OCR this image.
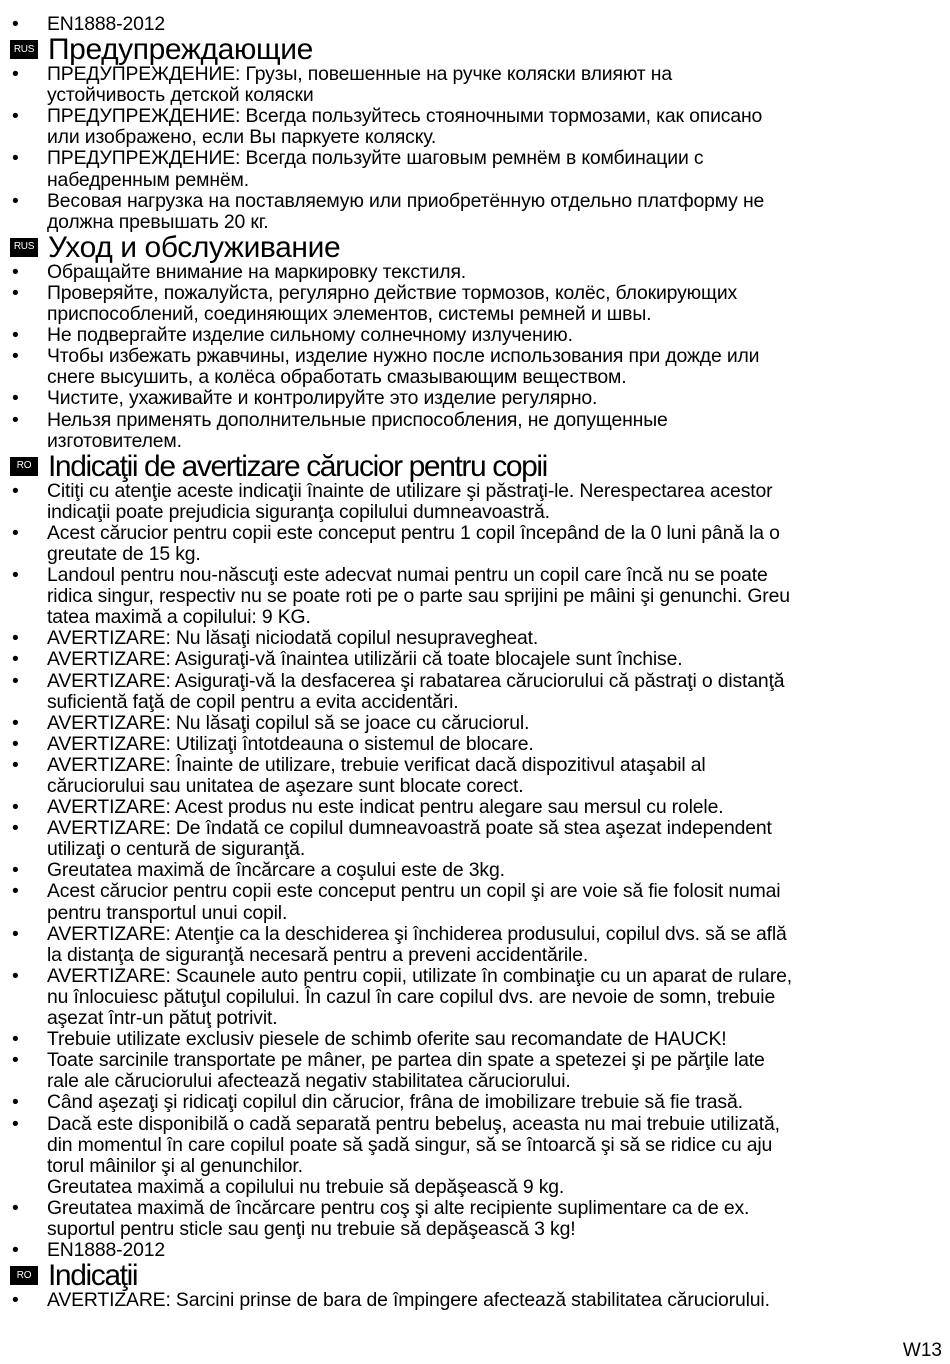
• EN1888-2012
RUS Предупреждающие
• ПРЕДУПРЕЖДЕНИЕ: Грузы, повешенные на ручке коляски влияют на
устойчивость детской коляски
• ПРЕДУПРЕЖДЕНИЕ: Всегда пользуйтесь стояночными тормозами, как описано
или изображено, если Вы паркуете коляску.
• ПРЕДУПРЕЖДЕНИЕ: Всегда пользуйте шаговым ремнём в комбинации с
набедренным ремнём.
• Весовая нагрузка на поставляемую или приобретённую отдельно платформу не
должна превышать 20 кг.
RUS Уход и обслуживание
• Обращайте внимание на маркировку текстиля.
• Проверяйте, пожалуйста, регулярно действие тормозов, колёс, блокирующих
приспособлений, соединяющих элементов, системы ремней и швы.
• Не подвергайте изделие сильному солнечному излучению.
• Чтобы избежать ржавчины, изделие нужно после использования при дожде или
снеге высушить, а колёса обработать смазывающим веществом.
• Чистите, ухаживайте и контролируйте это изделие регулярно.
• Нельзя применять дополнительные приспособления, не допущенные
изготовителем.
RO Indicaţii de avertizare cărucior pentru copii
• Citiţi cu atenţie aceste indicaţii înainte de utilizare şi păstraţi-le. Nerespectarea acestor
indicaţii poate prejudicia siguranţa copilului dumneavoastră.
• Acest cărucior pentru copii este conceput pentru 1 copil începând de la 0 luni până la o
greutate de 15 kg.
• Landoul pentru nou-născuţi este adecvat numai pentru un copil care încă nu se poate
ridica singur, respectiv nu se poate roti pe o parte sau sprijini pe mâini şi genunchi. Greu
tatea maximă a copilului: 9 KG.
• AVERTIZARE: Nu lăsaţi niciodată copilul nesupravegheat.
• AVERTIZARE: Asiguraţi-vă înaintea utilizării că toate blocajele sunt închise.
• AVERTIZARE: Asiguraţi-vă la desfacerea şi rabatarea căruciorului că păstraţi o distanţă
suficientă faţă de copil pentru a evita accidentări.
• AVERTIZARE: Nu lăsaţi copilul să se joace cu căruciorul.
• AVERTIZARE: Utilizaţi întotdeauna o sistemul de blocare.
• AVERTIZARE: Înainte de utilizare, trebuie verificat dacă dispozitivul ataşabil al
căruciorului sau unitatea de aşezare sunt blocate corect.
• AVERTIZARE: Acest produs nu este indicat pentru alegare sau mersul cu rolele.
• AVERTIZARE: De îndată ce copilul dumneavoastră poate să stea aşezat independent
utilizaţi o centură de siguranţă.
• Greutatea maximă de încărcare a coşului este de 3kg.
• Acest cărucior pentru copii este conceput pentru un copil şi are voie să fie folosit numai
pentru transportul unui copil.
• AVERTIZARE: Atenţie ca la deschiderea şi închiderea produsului, copilul dvs. să se află
la distanţa de siguranţă necesară pentru a preveni accidentările.
• AVERTIZARE: Scaunele auto pentru copii, utilizate în combinaţie cu un aparat de rulare,
nu înlocuiesc pătuţul copilului. În cazul în care copilul dvs. are nevoie de somn, trebuie
aşezat într-un pătuţ potrivit.
• Trebuie utilizate exclusiv piesele de schimb oferite sau recomandate de HAUCK!
• Toate sarcinile transportate pe mâner, pe partea din spate a spetezei şi pe părţile late
rale ale căruciorului afectează negativ stabilitatea căruciorului.
• Când aşezaţi şi ridicaţi copilul din cărucior, frâna de imobilizare trebuie să fie trasă.
• Dacă este disponibilă o cadă separată pentru bebeluş, aceasta nu mai trebuie utilizată,
din momentul în care copilul poate să şadă singur, să se întoarcă şi să se ridice cu aju
torul mâinilor şi al genunchilor.
Greutatea maximă a copilului nu trebuie să depăşească 9 kg.
• Greutatea maximă de încărcare pentru coş şi alte recipiente suplimentare ca de ex.
suportul pentru sticle sau genţi nu trebuie să depăşească 3 kg!
• EN1888-2012
RO Indicaţii
• AVERTIZARE: Sarcini prinse de bara de împingere afectează stabilitatea căruciorului.
W13
